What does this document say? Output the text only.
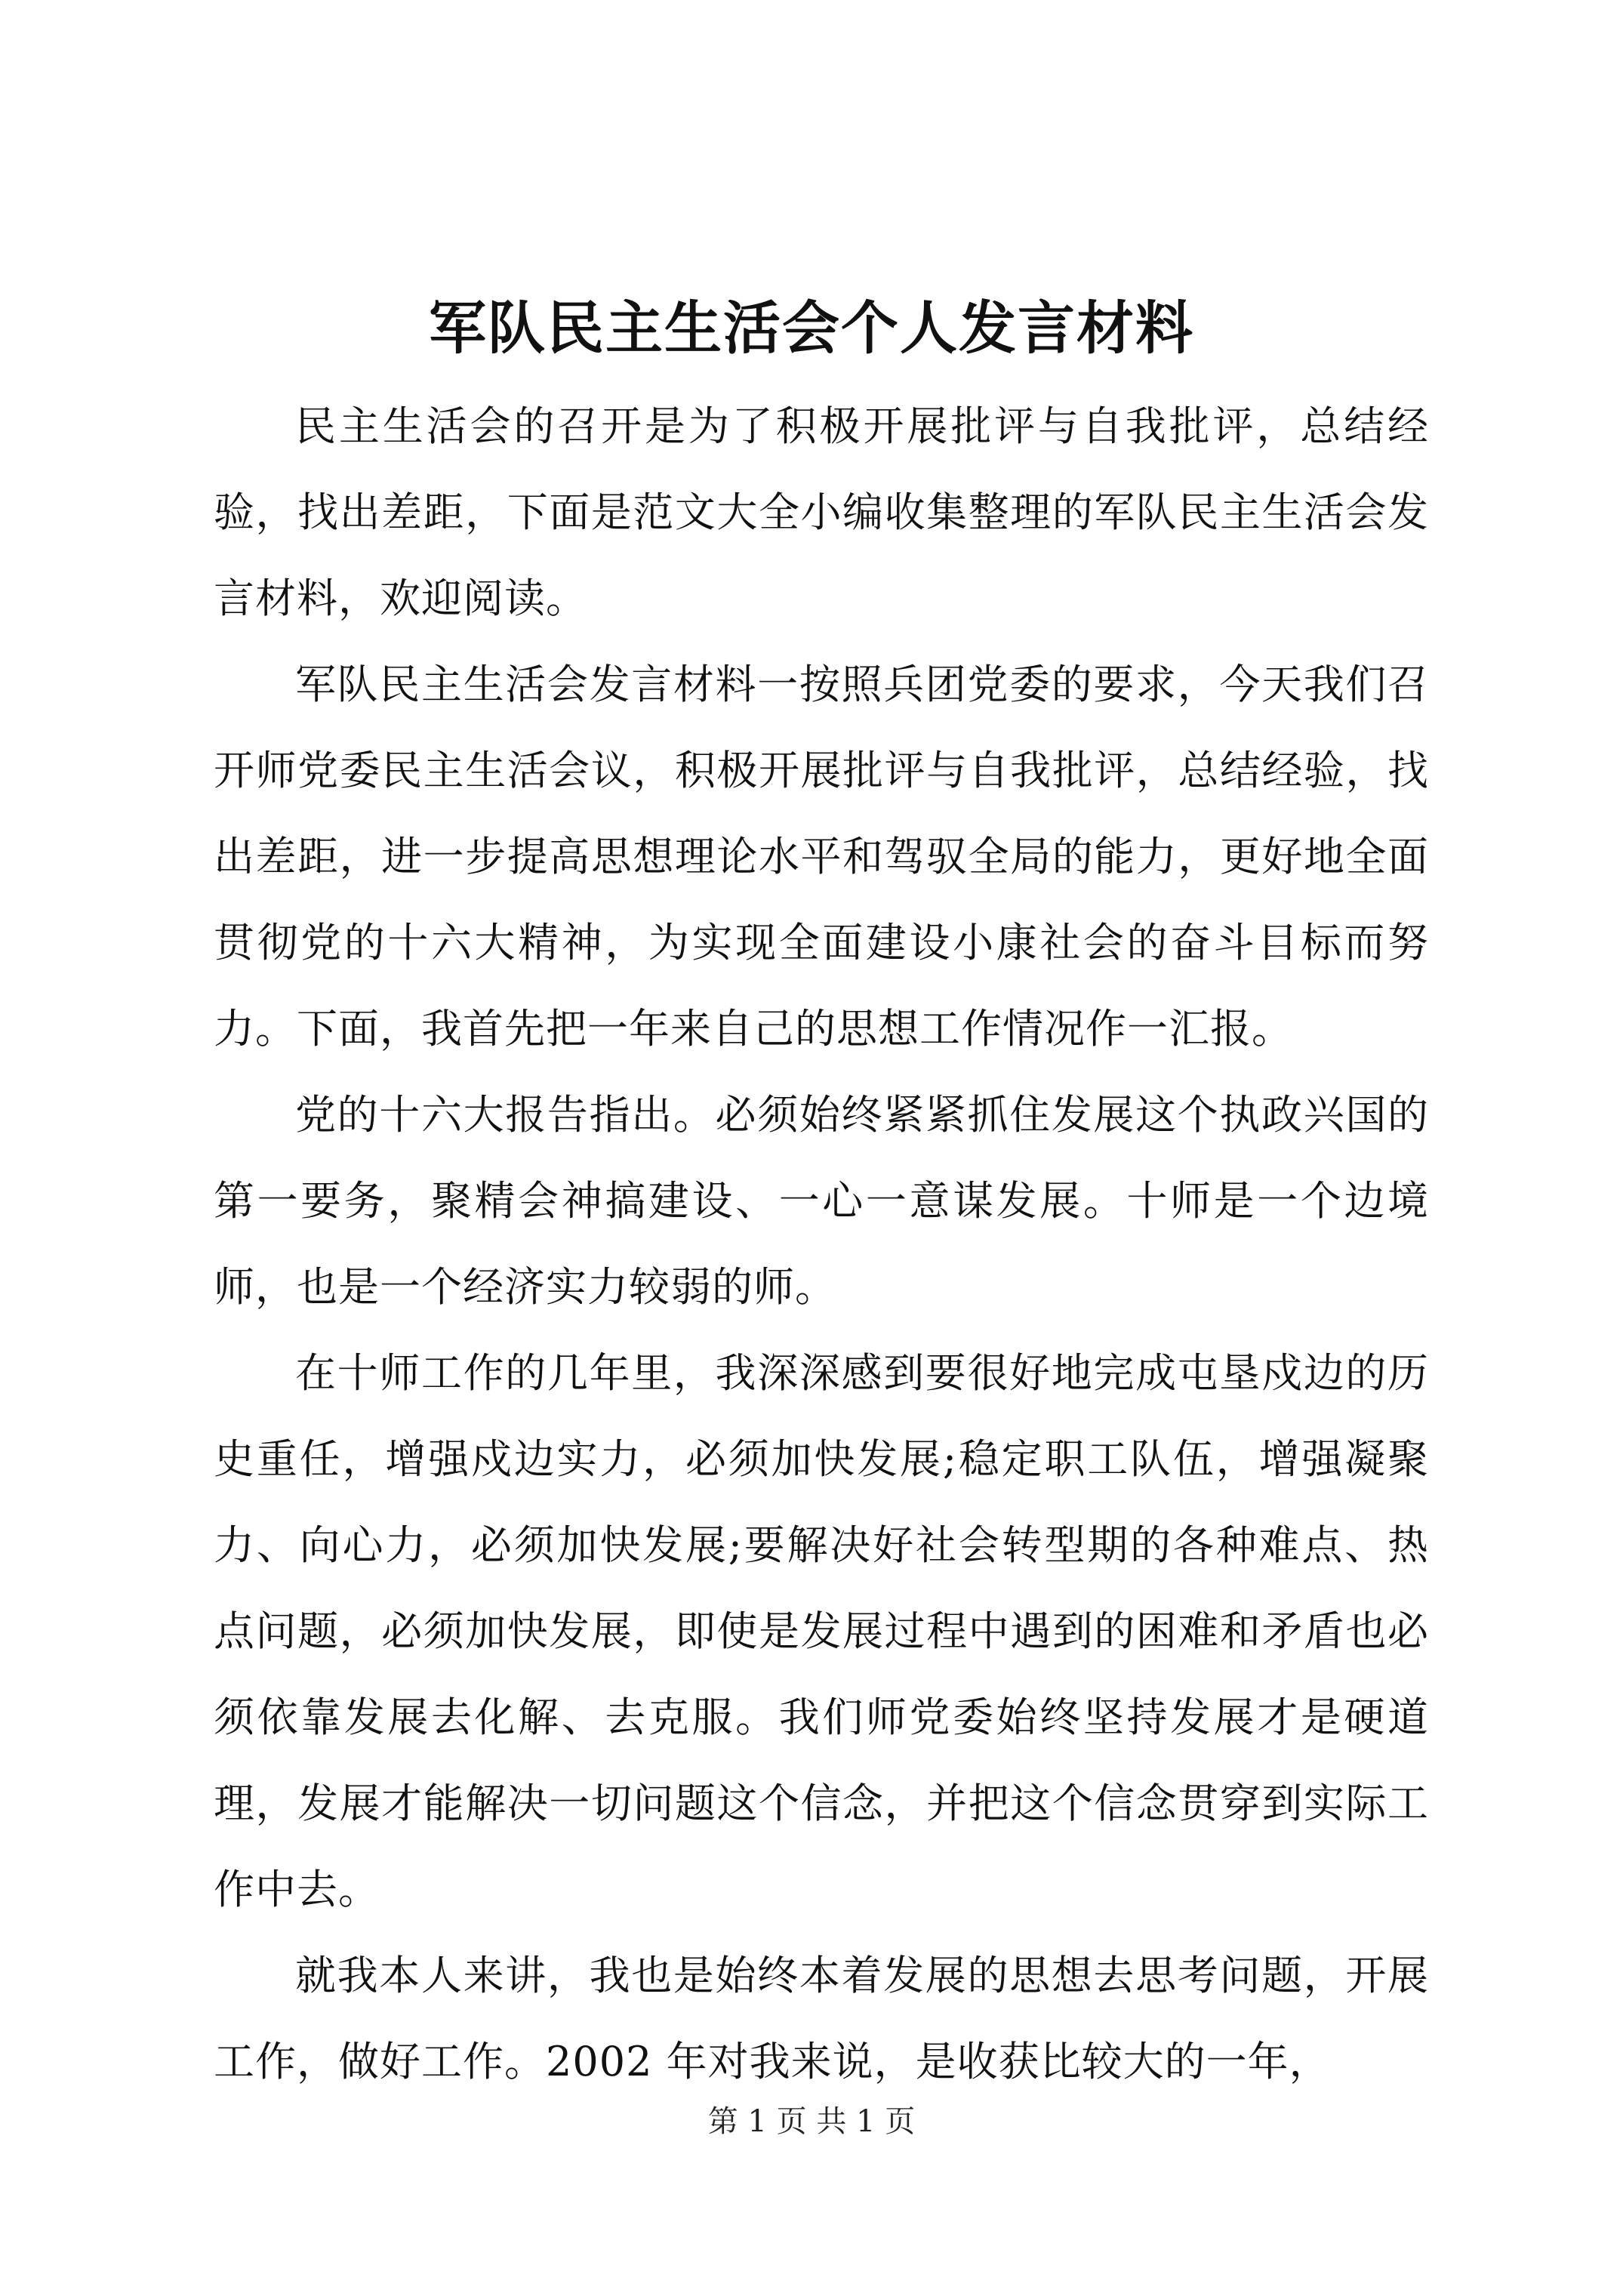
军队民主生活会个人发言材料

民主生活会的召开是为了积极开展批评与自我批评，总结经验，找出差距，下面是范文大全小编收集整理的军队民主生活会发言材料，欢迎阅读。

军队民主生活会发言材料一按照兵团党委的要求，今天我们召开师党委民主生活会议，积极开展批评与自我批评，总结经验，找出差距，进一步提高思想理论水平和驾驭全局的能力，更好地全面贯彻党的十六大精神，为实现全面建设小康社会的奋斗目标而努力。下面，我首先把一年来自己的思想工作情况作一汇报。

党的十六大报告指出。必须始终紧紧抓住发展这个执政兴国的第一要务，聚精会神搞建设、一心一意谋发展。十师是一个边境师，也是一个经济实力较弱的师。

在十师工作的几年里，我深深感到要很好地完成屯垦戍边的历史重任，增强戍边实力，必须加快发展;稳定职工队伍，增强凝聚力、向心力，必须加快发展;要解决好社会转型期的各种难点、热点问题，必须加快发展，即使是发展过程中遇到的困难和矛盾也必须依靠发展去化解、去克服。我们师党委始终坚持发展才是硬道理，发展才能解决一切问题这个信念，并把这个信念贯穿到实际工作中去。

就我本人来讲，我也是始终本着发展的思想去思考问题，开展工作，做好工作。2002 年对我来说，是收获比较大的一年，

第 1 页 共 1 页
